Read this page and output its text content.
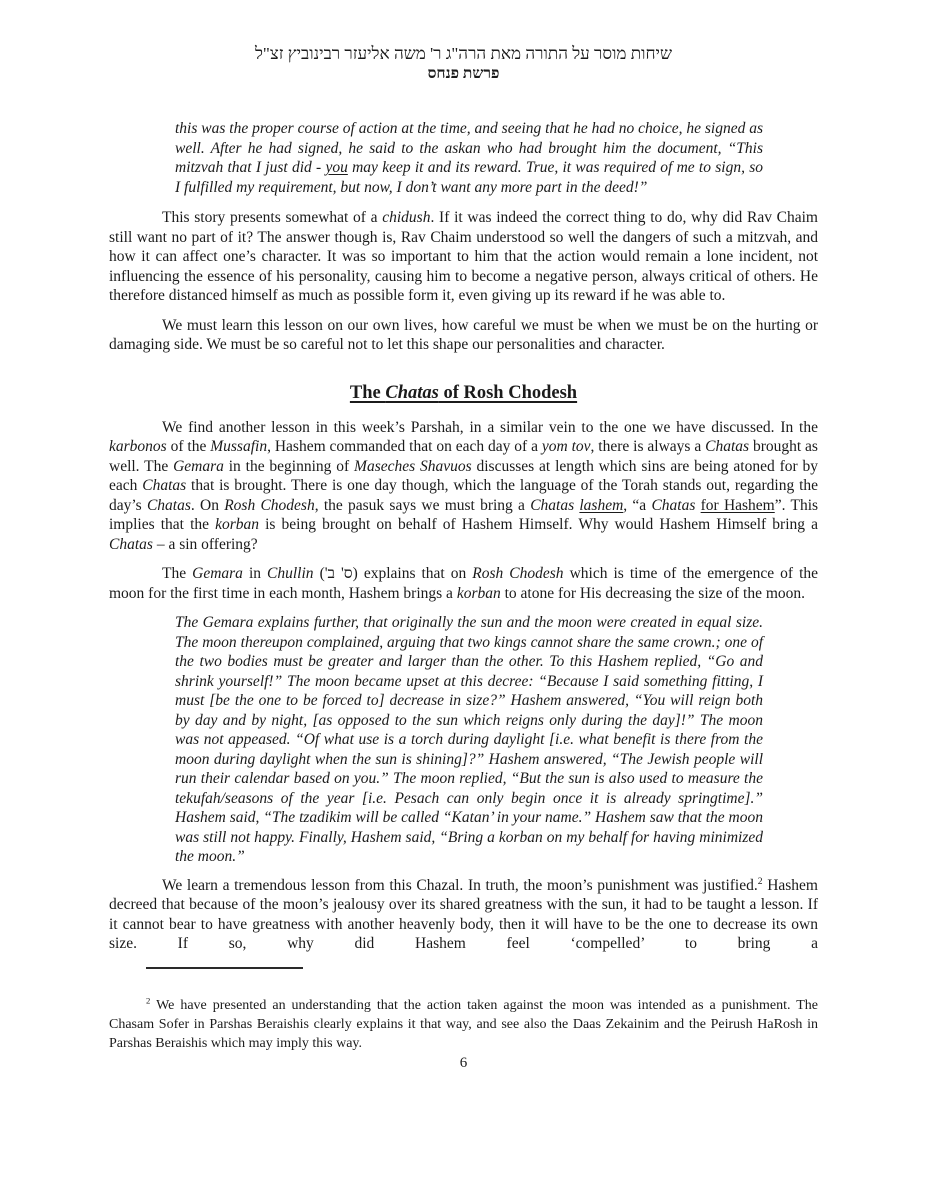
שיחות מוסר על התורה מאת הרה"ג ר' משה אליעזר רבינוביץ זצ"ל
פרשת פנחס
this was the proper course of action at the time, and seeing that he had no choice, he signed as well. After he had signed, he said to the askan who had brought him the document, “This mitzvah that I just did - you may keep it and its reward. True, it was required of me to sign, so I fulfilled my requirement, but now, I don’t want any more part in the deed!”

This story presents somewhat of a chidush. If it was indeed the correct thing to do, why did Rav Chaim still want no part of it? The answer though is, Rav Chaim understood so well the dangers of such a mitzvah, and how it can affect one’s character. It was so important to him that the action would remain a lone incident, not influencing the essence of his personality, causing him to become a negative person, always critical of others. He therefore distanced himself as much as possible form it, even giving up its reward if he was able to.

We must learn this lesson on our own lives, how careful we must be when we must be on the hurting or damaging side. We must be so careful not to let this shape our personalities and character.

The Chatas of Rosh Chodesh

We find another lesson in this week’s Parshah, in a similar vein to the one we have discussed. In the karbonos of the Mussafin, Hashem commanded that on each day of a yom tov, there is always a Chatas brought as well. The Gemara in the beginning of Maseches Shavuos discusses at length which sins are being atoned for by each Chatas that is brought. There is one day though, which the language of the Torah stands out, regarding the day’s Chatas. On Rosh Chodesh, the pasuk says we must bring a Chatas lashem, “a Chatas for Hashem”. This implies that the korban is being brought on behalf of Hashem Himself. Why would Hashem Himself bring a Chatas – a sin offering?

The Gemara in Chullin (ס' ב') explains that on Rosh Chodesh which is time of the emergence of the moon for the first time in each month, Hashem brings a korban to atone for His decreasing the size of the moon.

The Gemara explains further, that originally the sun and the moon were created in equal size. The moon thereupon complained, arguing that two kings cannot share the same crown.; one of the two bodies must be greater and larger than the other. To this Hashem replied, “Go and shrink yourself!” The moon became upset at this decree: “Because I said something fitting, I must [be the one to be forced to] decrease in size?” Hashem answered, “You will reign both by day and by night, [as opposed to the sun which reigns only during the day]!” The moon was not appeased. “Of what use is a torch during daylight [i.e. what benefit is there from the moon during daylight when the sun is shining]?” Hashem answered, “The Jewish people will run their calendar based on you.” The moon replied, “But the sun is also used to measure the tekufah/seasons of the year [i.e. Pesach can only begin once it is already springtime].” Hashem said, “The tzadikim will be called “Katan’ in your name.” Hashem saw that the moon was still not happy. Finally, Hashem said, “Bring a korban on my behalf for having minimized the moon.”

We learn a tremendous lesson from this Chazal. In truth, the moon’s punishment was justified.$^2$ Hashem decreed that because of the moon’s jealousy over its shared greatness with the sun, it had to be taught a lesson. If it cannot bear to have greatness with another heavenly body, then it will have to be the one to decrease its own size. If so, why did Hashem feel ‘compelled’ to bring a

$^2$ We have presented an understanding that the action taken against the moon was intended as a punishment. The Chasam Sofer in Parshas Beraishis clearly explains it that way, and see also the Daas Zekainim and the Peirush HaRosh in Parshas Beraishis which may imply this way.
6
